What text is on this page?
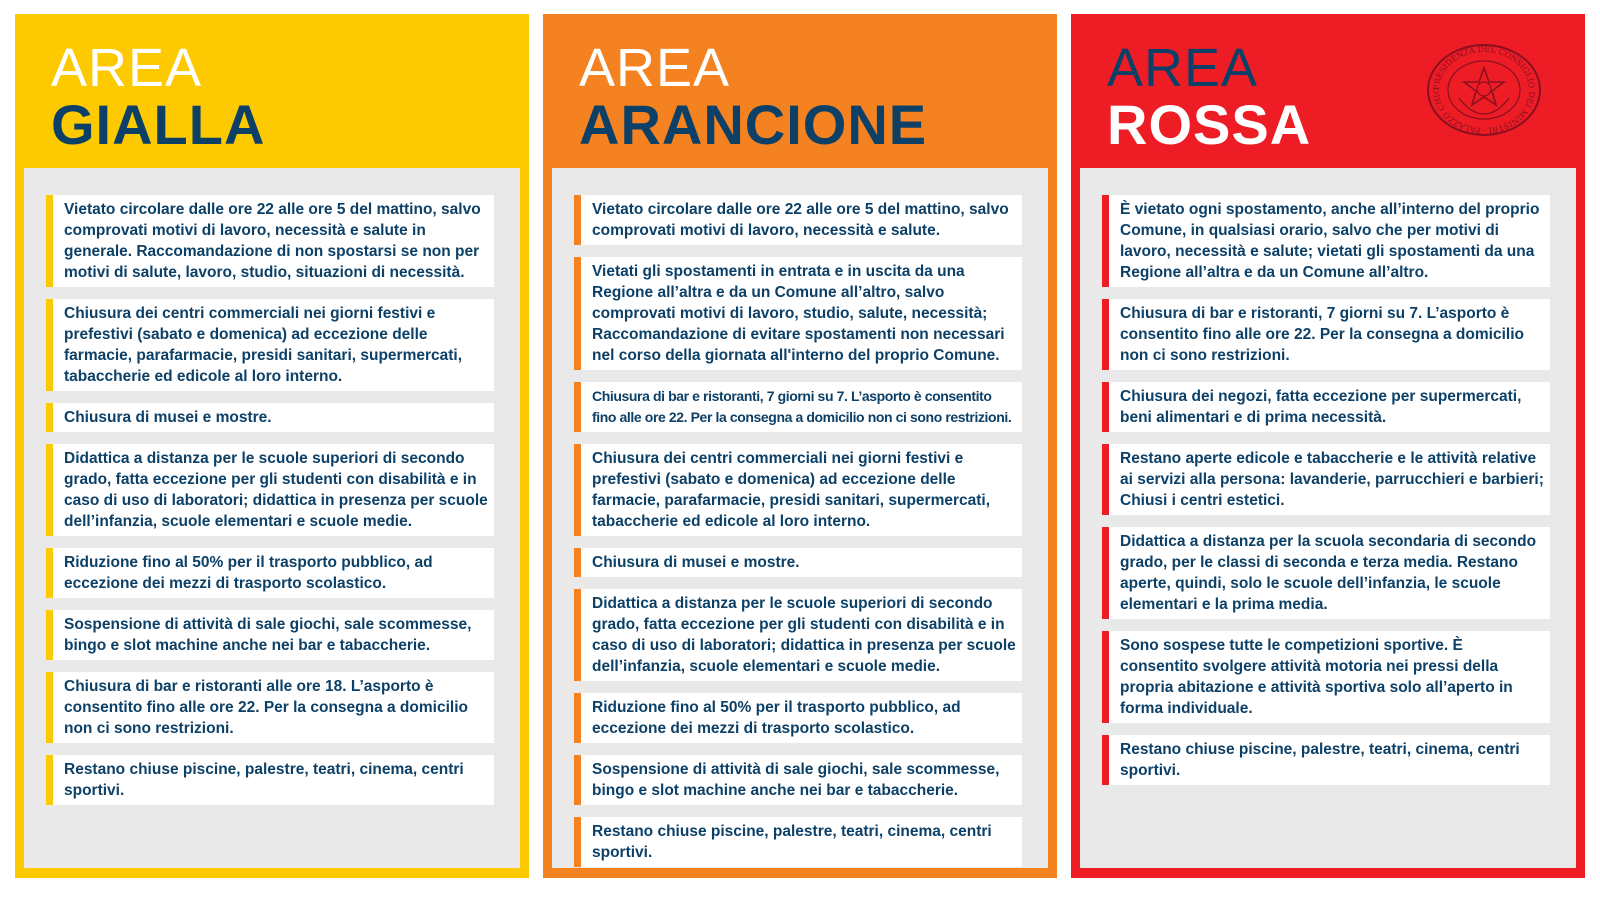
AREA
GIALLA
Vietato circolare dalle ore 22 alle ore 5 del mattino, salvo comprovati motivi di lavoro, necessità e salute in generale. Raccomandazione di non spostarsi se non per motivi di salute, lavoro, studio, situazioni di necessità.
Chiusura dei centri commerciali nei giorni festivi e prefestivi (sabato e domenica) ad eccezione delle farmacie, parafarmacie, presidi sanitari, supermercati, tabaccherie ed edicole al loro interno.
Chiusura di musei e mostre.
Didattica a distanza per le scuole superiori di secondo grado, fatta eccezione per gli studenti con disabilità e in caso di uso di laboratori; didattica in presenza per scuole dell’infanzia, scuole elementari e scuole medie.
Riduzione fino al 50% per il trasporto pubblico, ad eccezione dei mezzi di trasporto scolastico.
Sospensione di attività di sale giochi, sale scommesse, bingo e slot machine anche nei bar e tabaccherie.
Chiusura di bar e ristoranti alle ore 18. L’asporto è consentito fino alle ore 22. Per la consegna a domicilio non ci sono restrizioni.
Restano chiuse piscine, palestre, teatri, cinema, centri sportivi.
AREA
ARANCIONE
Vietato circolare dalle ore 22 alle ore 5 del mattino, salvo comprovati motivi di lavoro, necessità e salute.
Vietati gli spostamenti in entrata e in uscita da una Regione all’altra e da un Comune all’altro, salvo comprovati motivi di lavoro, studio, salute, necessità; Raccomandazione di evitare spostamenti non necessari nel corso della giornata all'interno del proprio Comune.
Chiusura di bar e ristoranti, 7 giorni su 7. L’asporto è consentito fino alle ore 22. Per la consegna a domicilio non ci sono restrizioni.
Chiusura dei centri commerciali nei giorni festivi e prefestivi (sabato e domenica) ad eccezione delle farmacie, parafarmacie, presidi sanitari, supermercati, tabaccherie ed edicole al loro interno.
Chiusura di musei e mostre.
Didattica a distanza per le scuole superiori di secondo grado, fatta eccezione per gli studenti con disabilità e in caso di uso di laboratori; didattica in presenza per scuole dell’infanzia, scuole elementari e scuole medie.
Riduzione fino al 50% per il trasporto pubblico, ad eccezione dei mezzi di trasporto scolastico.
Sospensione di attività di sale giochi, sale scommesse, bingo e slot machine anche nei bar e tabaccherie.
Restano chiuse piscine, palestre, teatri, cinema, centri sportivi.
AREA
ROSSA
PRESIDENZA DEL CONSIGLIO DEI MINISTRI · PALAZZO CHIG
È vietato ogni spostamento, anche all’interno del proprio Comune, in qualsiasi orario, salvo che per motivi di lavoro, necessità e salute; vietati gli spostamenti da una Regione all’altra e da un Comune all’altro.
Chiusura di bar e ristoranti, 7 giorni su 7. L’asporto è consentito fino alle ore 22. Per la consegna a domicilio non ci sono restrizioni.
Chiusura dei negozi, fatta eccezione per supermercati, beni alimentari e di prima necessità.
Restano aperte edicole e tabaccherie e le attività relative ai servizi alla persona: lavanderie, parrucchieri e barbieri; Chiusi i centri estetici.
Didattica a distanza per la scuola secondaria di secondo grado, per le classi di seconda e terza media. Restano aperte, quindi, solo le scuole dell’infanzia, le scuole elementari e la prima media.
Sono sospese tutte le competizioni sportive. È consentito svolgere attività motoria nei pressi della propria abitazione e attività sportiva solo all’aperto in forma individuale.
Restano chiuse piscine, palestre, teatri, cinema, centri sportivi.
